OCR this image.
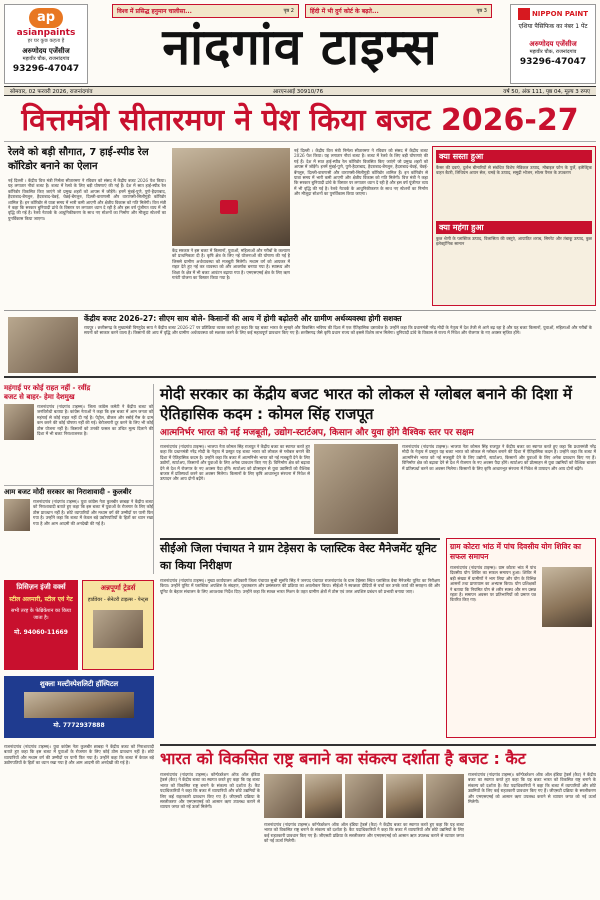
विश्व में प्रसिद्ध हनुमान चालीसा...	पृष्ठ 2	हिंदी में भी दुर्ग कोर्ट के बढ़ते...	पृष्ठ 3
ap
asianpaints
हर घर कुछ कहता है
अरुणोदय एजेंसीज
महावीर चौक, राजनांदगांव
93296-47047
NIPPON PAINT
एशिया पैसिफिक का नंबर 1 पेंट
अरुणोदय एजेंसीज
महावीर चौक, राजनांदगांव
93296-47047
नांदगांव टाइम्स
सोमवार, 02 फरवरी 2026, राजनांदगांव	आरएनआई 30910/76	वर्ष 50, अंक 111, पृष्ठ 04, मूल्य 3 रुपए
वित्तमंत्री सीतारमण ने पेश किया बजट 2026-27
रेलवे को बड़ी सौगात, 7 हाई-स्पीड रेल कॉरिडोर बनाने का ऐलान
नई दिल्ली । केंद्रीय वित्त मंत्री निर्मला सीतारमण ने रविवार को संसद में केंद्रीय बजट 2026 पेश किया। यह लगातार नौवां बजट है। बजट में रेलवे के लिए बड़ी घोषणाएं की गई हैं। देश में सात हाई-स्पीड रेल कॉरिडोर विकसित किए जाएंगे जो प्रमुख शहरों को आपस में जोड़ेंगे। इनमें मुंबई-पुणे, पुणे-हैदराबाद, हैदराबाद-बेंगलुरु, हैदराबाद-चेन्नई, चेन्नई-बेंगलुरु, दिल्ली-वाराणसी और वाराणसी-सिलीगुड़ी कॉरिडोर शामिल हैं। इन कॉरिडोर से यात्रा समय में भारी कमी आएगी और क्षेत्रीय विकास को गति मिलेगी। वित्त मंत्री ने कहा कि सरकार बुनियादी ढांचे के विस्तार पर लगातार ध्यान दे रही है और इस वर्ष पूंजीगत व्यय में भी वृद्धि की गई है। रेलवे नेटवर्क के आधुनिकीकरण के साथ नए स्टेशनों का निर्माण और मौजूदा स्टेशनों का पुनर्विकास किया जाएगा।
केंद्र सरकार ने इस बजट में किसानों, युवाओं, महिलाओं और गरीबों के कल्याण को प्राथमिकता दी है। कृषि क्षेत्र के लिए नई योजनाओं की घोषणा की गई है जिससे ग्रामीण अर्थव्यवस्था को मजबूती मिलेगी। मध्यम वर्ग को आयकर में राहत देते हुए नई कर व्यवस्था को और आकर्षक बनाया गया है। स्वास्थ्य और शिक्षा के क्षेत्र में भी बजट आवंटन बढ़ाया गया है। एमएसएमई क्षेत्र के लिए ऋण गारंटी योजना का विस्तार किया गया है।
नई दिल्ली । केंद्रीय वित्त मंत्री निर्मला सीतारमण ने रविवार को संसद में केंद्रीय बजट 2026 पेश किया। यह लगातार नौवां बजट है। बजट में रेलवे के लिए बड़ी घोषणाएं की गई हैं। देश में सात हाई-स्पीड रेल कॉरिडोर विकसित किए जाएंगे जो प्रमुख शहरों को आपस में जोड़ेंगे। इनमें मुंबई-पुणे, पुणे-हैदराबाद, हैदराबाद-बेंगलुरु, हैदराबाद-चेन्नई, चेन्नई-बेंगलुरु, दिल्ली-वाराणसी और वाराणसी-सिलीगुड़ी कॉरिडोर शामिल हैं। इन कॉरिडोर से यात्रा समय में भारी कमी आएगी और क्षेत्रीय विकास को गति मिलेगी। वित्त मंत्री ने कहा कि सरकार बुनियादी ढांचे के विस्तार पर लगातार ध्यान दे रही है और इस वर्ष पूंजीगत व्यय में भी वृद्धि की गई है। रेलवे नेटवर्क के आधुनिकीकरण के साथ नए स्टेशनों का निर्माण और मौजूदा स्टेशनों का पुनर्विकास किया जाएगा।
क्या सस्ता हुआ
कैंसर की दवाएं, दुर्लभ बीमारियों से संबंधित विशेष मेडिकल उत्पाद, मोबाइल फोन के पुर्जे, इलेक्ट्रिक वाहन बैटरी, लिथियम आयन सेल, चमड़े के उत्पाद, समुद्री भोजन, सोलर पैनल के उपकरण
क्या महंगा हुआ
कुछ श्रेणी के प्लास्टिक उत्पाद, विलासिता की वस्तुएं, आयातित शराब, सिगरेट और तंबाकू उत्पाद, कुछ इलेक्ट्रॉनिक सामान
केंद्रीय बजट 2026-27: सीएम साय बोले- किसानों की आय में होगी बढ़ोतरी और ग्रामीण अर्थव्यवस्था होगी सशक्त
रायपुर । छत्तीसगढ़ के मुख्यमंत्री विष्णुदेव साय ने केंद्रीय बजट 2026-27 पर प्रतिक्रिया व्यक्त करते हुए कहा कि यह बजट भारत के सुनहरे और विकसित भविष्य की दिशा में एक ऐतिहासिक दस्तावेज है। उन्होंने कहा कि प्रधानमंत्री नरेंद्र मोदी के नेतृत्व में देश तेजी से आगे बढ़ रहा है और यह बजट किसानों, युवाओं, महिलाओं और गरीबों के सपनों को साकार करने वाला है। किसानों की आय में वृद्धि और ग्रामीण अर्थव्यवस्था को सशक्त करने के लिए कई महत्वपूर्ण प्रावधान किए गए हैं। छत्तीसगढ़ जैसे कृषि प्रधान राज्य को इससे विशेष लाभ मिलेगा। बुनियादी ढांचे के विकास से राज्य में निवेश और रोजगार के नए अवसर सृजित होंगे।
महंगाई पर कोई राहत नहीं - रवींद्र
बजट से बाहर- हेमा देशमुख
राजनांदगांव (नांदगांव टाइम्स)। जिला कांग्रेस कमेटी ने केंद्रीय बजट को जनविरोधी बताया है। कांग्रेस नेताओं ने कहा कि इस बजट में आम जनता को महंगाई से कोई राहत नहीं दी गई है। पेट्रोल, डीजल और रसोई गैस के दाम कम करने की कोई घोषणा नहीं की गई। बेरोजगारी दूर करने के लिए भी कोई ठोस योजना नहीं है। किसानों को उनकी फसल का उचित मूल्य दिलाने की दिशा में भी बजट निराशाजनक है।
आम बजट मोदी सरकार का निराशावादी - कुलबीर
राजनांदगांव (नांदगांव टाइम्स)। युवा कांग्रेस नेता कुलबीर छाबड़ा ने केंद्रीय बजट को निराशावादी बताते हुए कहा कि इस बजट में युवाओं के रोजगार के लिए कोई ठोस प्रावधान नहीं है। छोटे व्यापारियों और मध्यम वर्ग की उम्मीदों पर पानी फिर गया है। उन्होंने कहा कि बजट में केवल बड़े उद्योगपतियों के हितों का ध्यान रखा गया है और आम आदमी की अनदेखी की गई है।
मोदी सरकार का केंद्रीय बजट भारत को लोकल से ग्लोबल बनाने की दिशा में ऐतिहासिक कदम : कोमल सिंह राजपूत
आत्मनिर्भर भारत को नई मजबूती, उद्योग-स्टार्टअप, किसान और युवा होंगे वैश्विक स्तर पर सक्षम
राजनांदगांव (नांदगांव टाइम्स)। भाजपा नेता कोमल सिंह राजपूत ने केंद्रीय बजट का स्वागत करते हुए कहा कि प्रधानमंत्री नरेंद्र मोदी के नेतृत्व में प्रस्तुत यह बजट भारत को लोकल से ग्लोबल बनाने की दिशा में ऐतिहासिक कदम है। उन्होंने कहा कि बजट में आत्मनिर्भर भारत को नई मजबूती देने के लिए उद्योगों, स्टार्टअप, किसानों और युवाओं के लिए अनेक प्रावधान किए गए हैं। विनिर्माण क्षेत्र को बढ़ावा देने से देश में रोजगार के नए अवसर पैदा होंगे। स्टार्टअप को प्रोत्साहन से युवा उद्यमियों को वैश्विक बाजार में प्रतिस्पर्धा करने का अवसर मिलेगा। किसानों के लिए कृषि आधारभूत संरचना में निवेश से उत्पादन और आय दोनों बढ़ेंगे।
राजनांदगांव (नांदगांव टाइम्स)। भाजपा नेता कोमल सिंह राजपूत ने केंद्रीय बजट का स्वागत करते हुए कहा कि प्रधानमंत्री नरेंद्र मोदी के नेतृत्व में प्रस्तुत यह बजट भारत को लोकल से ग्लोबल बनाने की दिशा में ऐतिहासिक कदम है। उन्होंने कहा कि बजट में आत्मनिर्भर भारत को नई मजबूती देने के लिए उद्योगों, स्टार्टअप, किसानों और युवाओं के लिए अनेक प्रावधान किए गए हैं। विनिर्माण क्षेत्र को बढ़ावा देने से देश में रोजगार के नए अवसर पैदा होंगे। स्टार्टअप को प्रोत्साहन से युवा उद्यमियों को वैश्विक बाजार में प्रतिस्पर्धा करने का अवसर मिलेगा। किसानों के लिए कृषि आधारभूत संरचना में निवेश से उत्पादन और आय दोनों बढ़ेंगे।
सीईओ जिला पंचायत ने ग्राम टेड़ेसरा के प्लास्टिक वेस्ट मैनेजमेंट यूनिट का किया निरीक्षण
राजनांदगांव (नांदगांव टाइम्स)। मुख्य कार्यपालन अधिकारी जिला पंचायत सुश्री सुरुचि सिंह ने जनपद पंचायत राजनांदगांव के ग्राम टेड़ेसरा स्थित प्लास्टिक वेस्ट मैनेजमेंट यूनिट का निरीक्षण किया। उन्होंने यूनिट में प्लास्टिक अपशिष्ट के संग्रहण, पृथक्करण और प्रसंस्करण की प्रक्रिया का अवलोकन किया। सीईओ ने स्वच्छता दीदियों से चर्चा कर उनके कार्य की सराहना की और यूनिट के बेहतर संचालन के लिए आवश्यक निर्देश दिए। उन्होंने कहा कि स्वच्छ भारत मिशन के तहत ग्रामीण क्षेत्रों में ठोस एवं तरल अपशिष्ट प्रबंधन को प्रभावी बनाया जाए।
ग्राम कोटरा भांठ में पांच दिवसीय योग शिविर का सफल समापन
राजनांदगांव (नांदगांव टाइम्स)। ग्राम कोटरा भांठ में पांच दिवसीय योग शिविर का सफल समापन हुआ। शिविर में बड़ी संख्या में ग्रामीणों ने भाग लिया और योग के विभिन्न आसनों तथा प्राणायाम का अभ्यास किया। योग प्रशिक्षकों ने बताया कि नियमित योग से शरीर स्वस्थ और मन प्रसन्न रहता है। समापन अवसर पर प्रतिभागियों को प्रमाण पत्र वितरित किए गए।
प्रिसिज़न इंजी वर्क्स
स्टील अलमारी, स्टील एवं गेट
सभी तरह के फेब्रिकेशन का किया जाता है।
मो. 94060-11669
अन्नपूर्णा ट्रेडर्स
हार्डवेयर - सेनेटरी टाइल्स - पेन्ट्स
शुक्ला मल्टीस्पेशलिटी हॉस्पिटल
मो. 7772937888
भारत को विकसित राष्ट्र बनाने का संकल्प दर्शाता है बजट : कैट
राजनांदगांव (नांदगांव टाइम्स)। कॉन्फेडरेशन ऑफ ऑल इंडिया ट्रेडर्स (कैट) ने केंद्रीय बजट का स्वागत करते हुए कहा कि यह बजट भारत को विकसित राष्ट्र बनाने के संकल्प को दर्शाता है। कैट पदाधिकारियों ने कहा कि बजट में व्यापारियों और छोटे उद्यमियों के लिए कई राहतकारी प्रावधान किए गए हैं। जीएसटी प्रक्रिया के सरलीकरण और एमएसएमई को आसान ऋण उपलब्ध कराने से व्यापार जगत को नई ऊर्जा मिलेगी।
राजनांदगांव (नांदगांव टाइम्स)। कॉन्फेडरेशन ऑफ ऑल इंडिया ट्रेडर्स (कैट) ने केंद्रीय बजट का स्वागत करते हुए कहा कि यह बजट भारत को विकसित राष्ट्र बनाने के संकल्प को दर्शाता है। कैट पदाधिकारियों ने कहा कि बजट में व्यापारियों और छोटे उद्यमियों के लिए कई राहतकारी प्रावधान किए गए हैं। जीएसटी प्रक्रिया के सरलीकरण और एमएसएमई को आसान ऋण उपलब्ध कराने से व्यापार जगत को नई ऊर्जा मिलेगी।
राजनांदगांव (नांदगांव टाइम्स)। कॉन्फेडरेशन ऑफ ऑल इंडिया ट्रेडर्स (कैट) ने केंद्रीय बजट का स्वागत करते हुए कहा कि यह बजट भारत को विकसित राष्ट्र बनाने के संकल्प को दर्शाता है। कैट पदाधिकारियों ने कहा कि बजट में व्यापारियों और छोटे उद्यमियों के लिए कई राहतकारी प्रावधान किए गए हैं। जीएसटी प्रक्रिया के सरलीकरण और एमएसएमई को आसान ऋण उपलब्ध कराने से व्यापार जगत को नई ऊर्जा मिलेगी।
राजनांदगांव (नांदगांव टाइम्स)। युवा कांग्रेस नेता कुलबीर छाबड़ा ने केंद्रीय बजट को निराशावादी बताते हुए कहा कि इस बजट में युवाओं के रोजगार के लिए कोई ठोस प्रावधान नहीं है। छोटे व्यापारियों और मध्यम वर्ग की उम्मीदों पर पानी फिर गया है। उन्होंने कहा कि बजट में केवल बड़े उद्योगपतियों के हितों का ध्यान रखा गया है और आम आदमी की अनदेखी की गई है।
